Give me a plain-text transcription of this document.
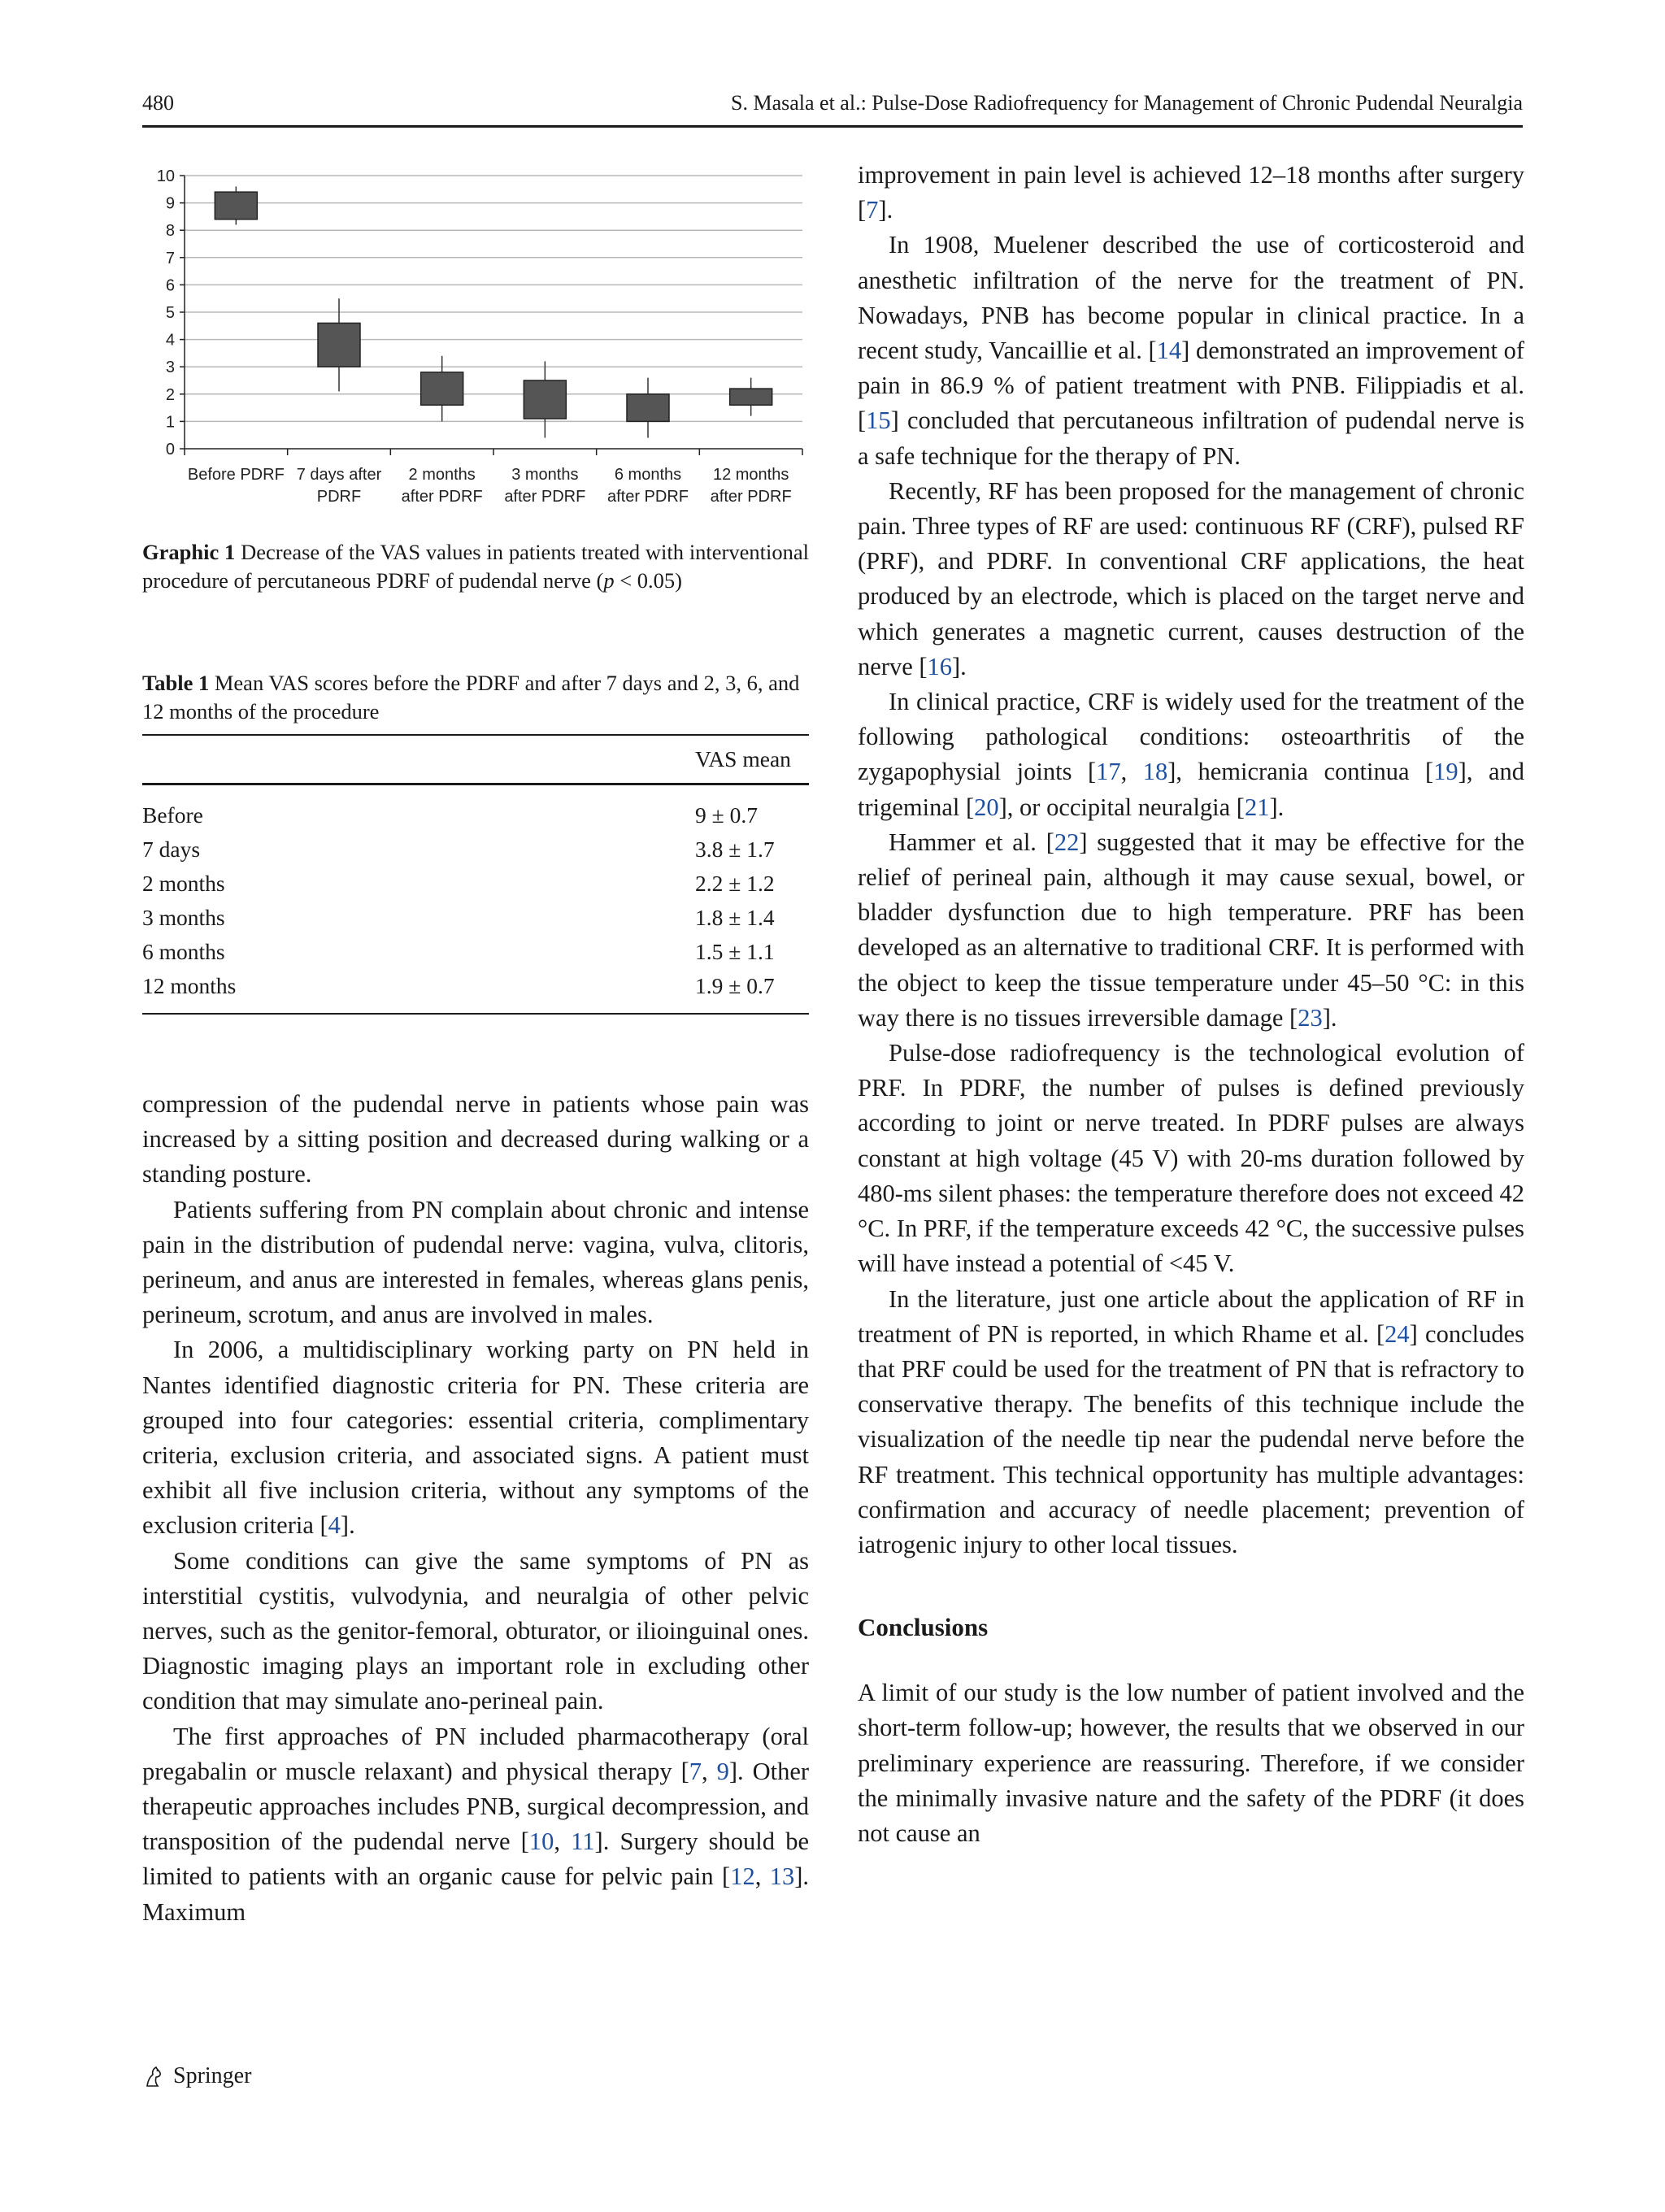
480	S. Masala et al.: Pulse-Dose Radiofrequency for Management of Chronic Pudendal Neuralgia
0
1
2
3
4
5
6
7
8
9
10
Before PDRF 7 days after
PDRF
2 months
after PDRF
3 months
after PDRF
6 months
after PDRF
12 months
after PDRF
Graphic 1 Decrease of the VAS values in patients treated with interventional procedure of percutaneous PDRF of pudendal nerve (p < 0.05)
Table 1 Mean VAS scores before the PDRF and after 7 days and 2, 3, 6, and 12 months of the procedure
	VAS mean
Before	9 ± 0.7
7 days	3.8 ± 1.7
2 months	2.2 ± 1.2
3 months	1.8 ± 1.4
6 months	1.5 ± 1.1
12 months	1.9 ± 0.7

compression of the pudendal nerve in patients whose pain was increased by a sitting position and decreased during walking or a standing posture.

Patients suffering from PN complain about chronic and intense pain in the distribution of pudendal nerve: vagina, vulva, clitoris, perineum, and anus are interested in females, whereas glans penis, perineum, scrotum, and anus are involved in males.

In 2006, a multidisciplinary working party on PN held in Nantes identified diagnostic criteria for PN. These criteria are grouped into four categories: essential criteria, complimentary criteria, exclusion criteria, and associated signs. A patient must exhibit all five inclusion criteria, without any symptoms of the exclusion criteria [4].

Some conditions can give the same symptoms of PN as interstitial cystitis, vulvodynia, and neuralgia of other pelvic nerves, such as the genitor-femoral, obturator, or ilioinguinal ones. Diagnostic imaging plays an important role in excluding other condition that may simulate ano-perineal pain.

The first approaches of PN included pharmacotherapy (oral pregabalin or muscle relaxant) and physical therapy [7, 9]. Other therapeutic approaches includes PNB, surgical decompression, and transposition of the pudendal nerve [10, 11]. Surgery should be limited to patients with an organic cause for pelvic pain [12, 13]. Maximum

improvement in pain level is achieved 12–18 months after surgery [7].

In 1908, Muelener described the use of corticosteroid and anesthetic infiltration of the nerve for the treatment of PN. Nowadays, PNB has become popular in clinical practice. In a recent study, Vancaillie et al. [14] demonstrated an improvement of pain in 86.9 % of patient treatment with PNB. Filippiadis et al. [15] concluded that percutaneous infiltration of pudendal nerve is a safe technique for the therapy of PN.

Recently, RF has been proposed for the management of chronic pain. Three types of RF are used: continuous RF (CRF), pulsed RF (PRF), and PDRF. In conventional CRF applications, the heat produced by an electrode, which is placed on the target nerve and which generates a magnetic current, causes destruction of the nerve [16].

In clinical practice, CRF is widely used for the treatment of the following pathological conditions: osteoarthritis of the zygapophysial joints [17, 18], hemicrania continua [19], and trigeminal [20], or occipital neuralgia [21].

Hammer et al. [22] suggested that it may be effective for the relief of perineal pain, although it may cause sexual, bowel, or bladder dysfunction due to high temperature. PRF has been developed as an alternative to traditional CRF. It is performed with the object to keep the tissue temperature under 45–50 °C: in this way there is no tissues irreversible damage [23].

Pulse-dose radiofrequency is the technological evolution of PRF. In PDRF, the number of pulses is defined previously according to joint or nerve treated. In PDRF pulses are always constant at high voltage (45 V) with 20-ms duration followed by 480-ms silent phases: the temperature therefore does not exceed 42 °C. In PRF, if the temperature exceeds 42 °C, the successive pulses will have instead a potential of <45 V.

In the literature, just one article about the application of RF in treatment of PN is reported, in which Rhame et al. [24] concludes that PRF could be used for the treatment of PN that is refractory to conservative therapy. The benefits of this technique include the visualization of the needle tip near the pudendal nerve before the RF treatment. This technical opportunity has multiple advantages: confirmation and accuracy of needle placement; prevention of iatrogenic injury to other local tissues.

Conclusions

A limit of our study is the low number of patient involved and the short-term follow-up; however, the results that we observed in our preliminary experience are reassuring. Therefore, if we consider the minimally invasive nature and the safety of the PDRF (it does not cause an

Springer
